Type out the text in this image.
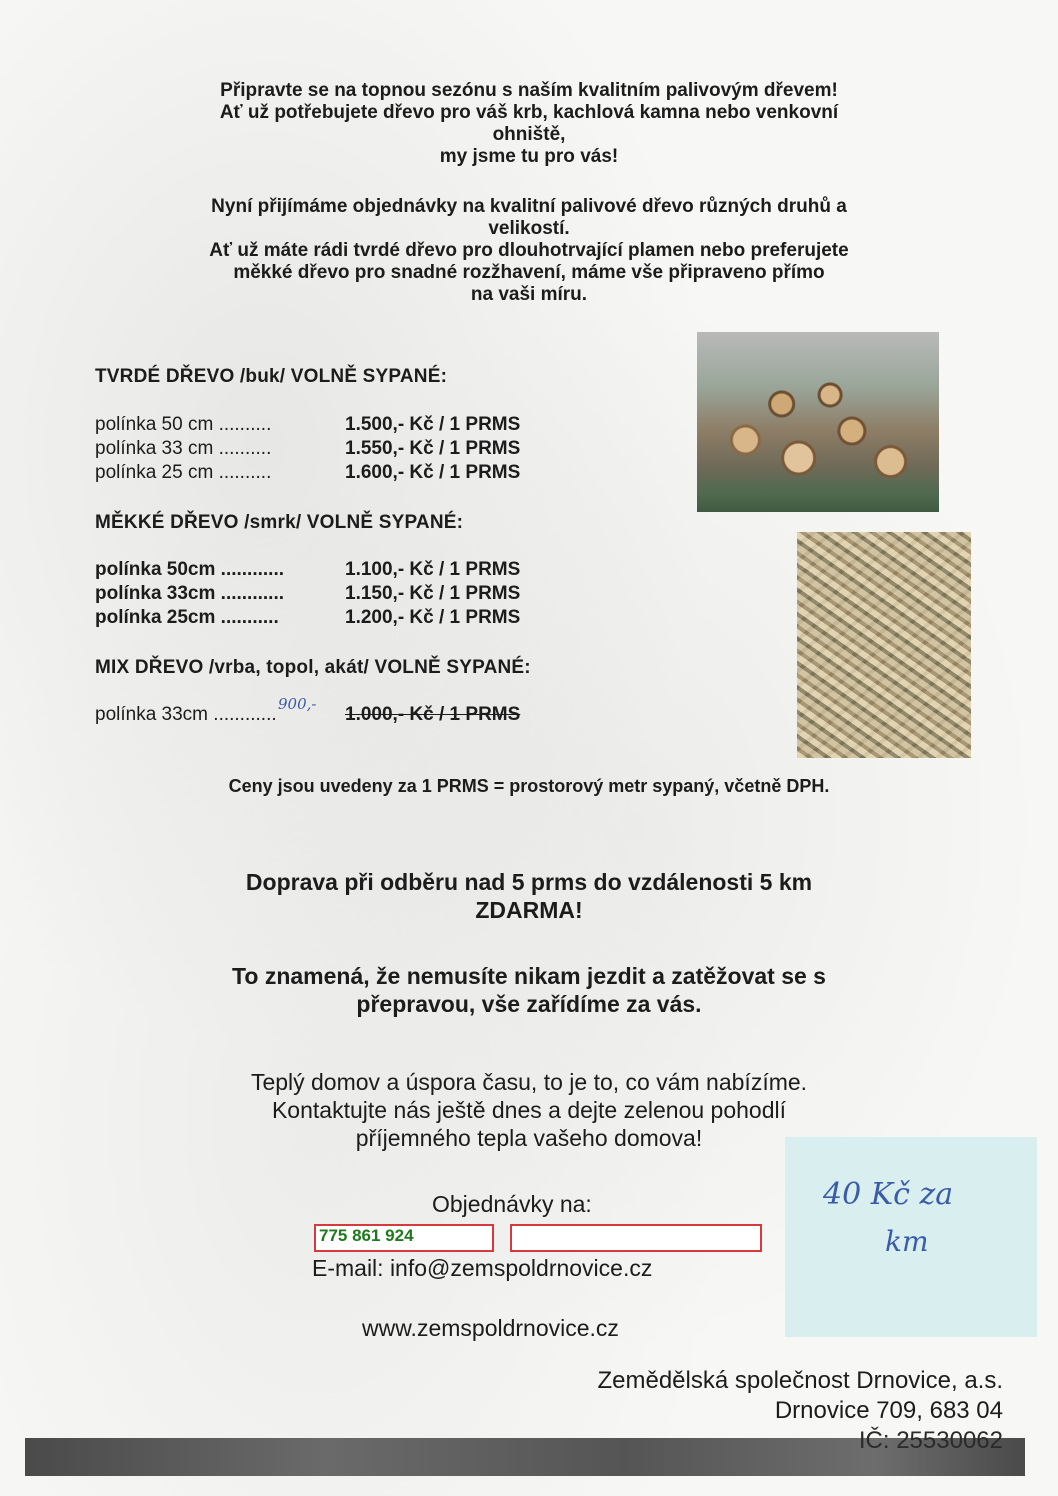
Připravte se na topnou sezónu s naším kvalitním palivovým dřevem!
Ať už potřebujete dřevo pro váš krb, kachlová kamna nebo venkovní
ohniště,
my jsme tu pro vás!
Nyní přijímáme objednávky na kvalitní palivové dřevo různých druhů a
velikostí.
Ať už máte rádi tvrdé dřevo pro dlouhotrvající plamen nebo preferujete
měkké dřevo pro snadné rozžhavení, máme vše připraveno přímo
na vaši míru.
TVRDÉ DŘEVO /buk/ VOLNĚ SYPANÉ:
polínka 50 cm ..........	1.500,- Kč / 1 PRMS
polínka 33 cm ..........	1.550,- Kč / 1 PRMS
polínka 25 cm ..........	1.600,- Kč / 1 PRMS
MĚKKÉ DŘEVO /smrk/ VOLNĚ SYPANÉ:
polínka 50cm ............	1.100,- Kč / 1 PRMS
polínka 33cm ............	1.150,- Kč / 1 PRMS
polínka 25cm ...........	1.200,- Kč / 1 PRMS
MIX DŘEVO /vrba, topol, akát/ VOLNĚ SYPANÉ:
polínka 33cm ............	1.000,- Kč / 1 PRMS
900,-
Ceny jsou uvedeny za 1 PRMS = prostorový metr sypaný, včetně DPH.
Doprava při odběru nad 5 prms do vzdálenosti 5 km
ZDARMA!
To znamená, že nemusíte nikam jezdit a zatěžovat se s
přepravou, vše zařídíme za vás.
Teplý domov a úspora času, to je to, co vám nabízíme.
Kontaktujte nás ještě dnes a dejte zelenou pohodlí
příjemného tepla vašeho domova!
40 Kč za
km
Objednávky na:
775 861 924
E-mail: info@zemspoldrnovice.cz
www.zemspoldrnovice.cz
Zemědělská společnost Drnovice, a.s.
Drnovice 709, 683 04
IČ: 25530062
